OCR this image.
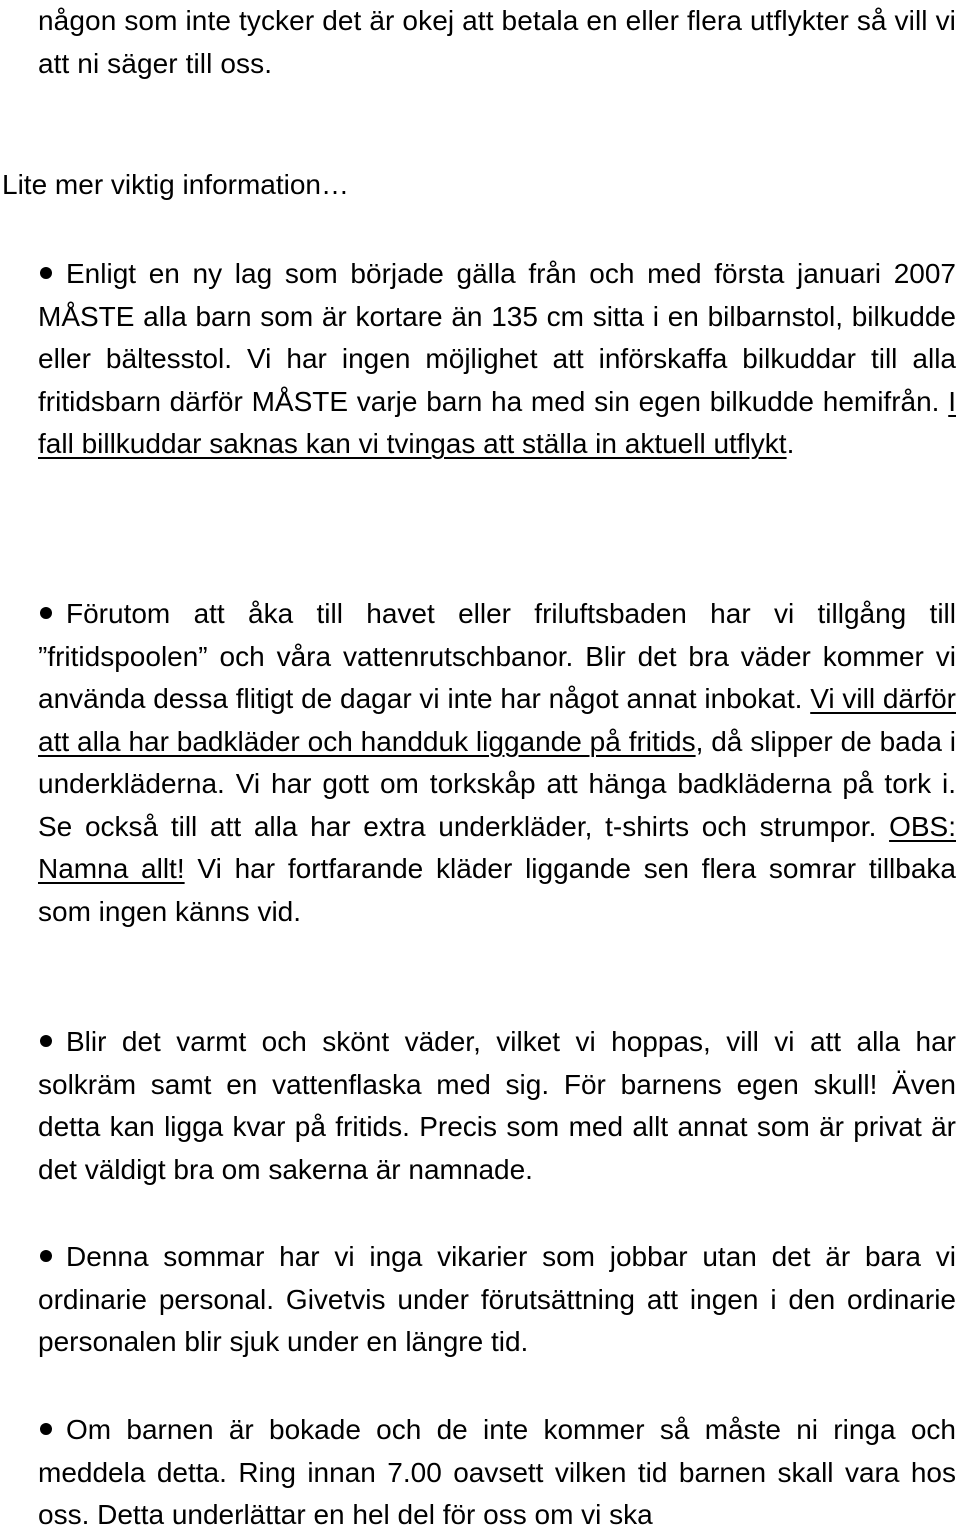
någon som inte tycker det är okej att betala en eller flera utflykter så vill vi att ni säger till oss.

Lite mer viktig information…

Enligt en ny lag som började gälla från och med första januari 2007 MÅSTE alla barn som är kortare än 135 cm sitta i en bilbarnstol, bilkudde eller bältesstol. Vi har ingen möjlighet att införskaffa bilkuddar till alla fritidsbarn därför MÅSTE varje barn ha med sin egen bilkudde hemifrån. I fall billkuddar saknas kan vi tvingas att ställa in aktuell utflykt.

Förutom att åka till havet eller friluftsbaden har vi tillgång till ”fritidspoolen” och våra vattenrutschbanor. Blir det bra väder kommer vi använda dessa flitigt de dagar vi inte har något annat inbokat. Vi vill därför att alla har badkläder och handduk liggande på fritids, då slipper de bada i underkläderna. Vi har gott om torkskåp att hänga badkläderna på tork i. Se också till att alla har extra underkläder, t-shirts och strumpor. OBS: Namna allt! Vi har fortfarande kläder liggande sen flera somrar tillbaka som ingen känns vid.

Blir det varmt och skönt väder, vilket vi hoppas, vill vi att alla har solkräm samt en vattenflaska med sig. För barnens egen skull! Även detta kan ligga kvar på fritids. Precis som med allt annat som är privat är det väldigt bra om sakerna är namnade.

Denna sommar har vi inga vikarier som jobbar utan det är bara vi ordinarie personal. Givetvis under förutsättning att ingen i den ordinarie personalen blir sjuk under en längre tid.

Om barnen är bokade och de inte kommer så måste ni ringa och meddela detta. Ring innan 7.00 oavsett vilken tid barnen skall vara hos oss. Detta underlättar en hel del för oss om vi ska
